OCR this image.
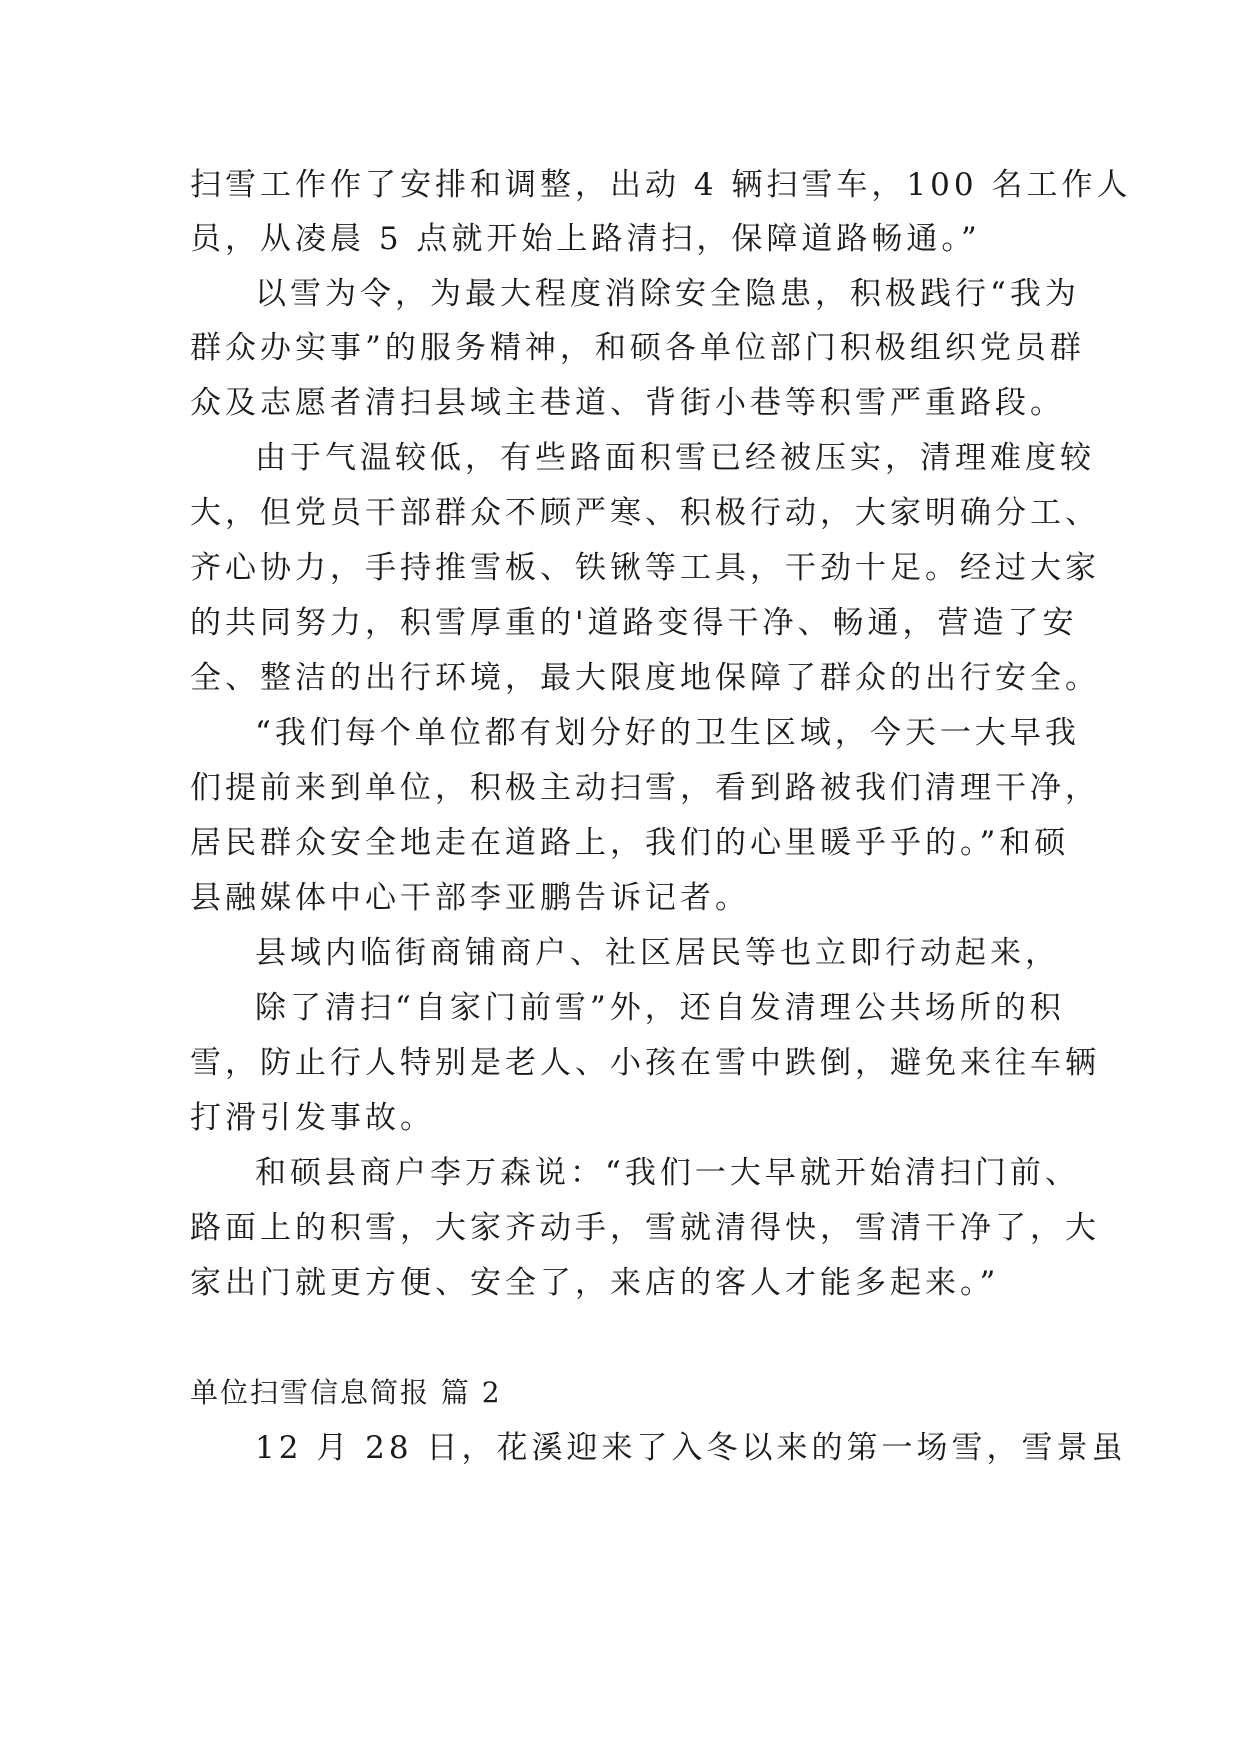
扫雪工作作了安排和调整，出动 4 辆扫雪车，100 名工作人
员，从凌晨 5 点就开始上路清扫，保障道路畅通。”
以雪为令，为最大程度消除安全隐患，积极践行“我为
群众办实事”的服务精神，和硕各单位部门积极组织党员群
众及志愿者清扫县域主巷道、背街小巷等积雪严重路段。
由于气温较低，有些路面积雪已经被压实，清理难度较
大，但党员干部群众不顾严寒、积极行动，大家明确分工、
齐心协力，手持推雪板、铁锹等工具，干劲十足。经过大家
的共同努力，积雪厚重的'道路变得干净、畅通，营造了安
全、整洁的出行环境，最大限度地保障了群众的出行安全。
“我们每个单位都有划分好的卫生区域，今天一大早我
们提前来到单位，积极主动扫雪，看到路被我们清理干净，
居民群众安全地走在道路上，我们的心里暖乎乎的。”和硕
县融媒体中心干部李亚鹏告诉记者。
县域内临街商铺商户、社区居民等也立即行动起来，
除了清扫“自家门前雪”外，还自发清理公共场所的积
雪，防止行人特别是老人、小孩在雪中跌倒，避免来往车辆
打滑引发事故。
和硕县商户李万森说：“我们一大早就开始清扫门前、
路面上的积雪，大家齐动手，雪就清得快，雪清干净了，大
家出门就更方便、安全了，来店的客人才能多起来。”
单位扫雪信息简报 篇 2
12 月 28 日，花溪迎来了入冬以来的第一场雪，雪景虽
